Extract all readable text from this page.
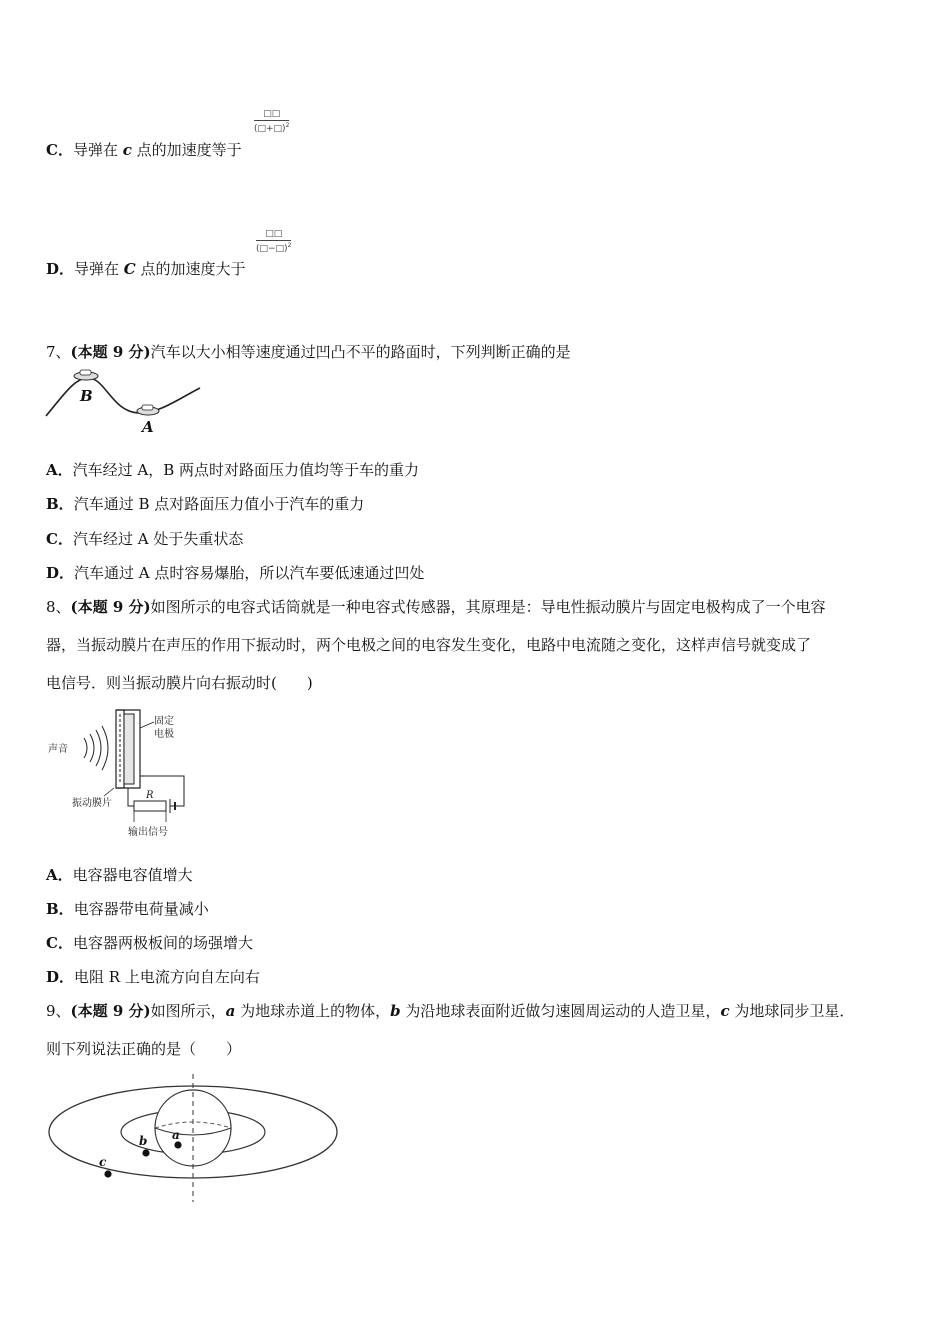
C．导弹在 c 点的加速度等于
□□
(□+□)$^2$
D．导弹在 C 点的加速度大于
□□
(□−□)$^2$
7、(本题 9 分)汽车以大小相等速度通过凹凸不平的路面时，下列判断正确的是
B
A
A．汽车经过 A，B 两点时对路面压力值均等于车的重力
B．汽车通过 B 点对路面压力值小于汽车的重力
C．汽车经过 A 处于失重状态
D．汽车通过 A 点时容易爆胎，所以汽车要低速通过凹处
8、(本题 9 分)如图所示的电容式话筒就是一种电容式传感器，其原理是：导电性振动膜片与固定电极构成了一个电容
器，当振动膜片在声压的作用下振动时，两个电极之间的电容发生变化，电路中电流随之变化，这样声信号就变成了
电信号．则当振动膜片向右振动时(　　)
声音
固定
电极
R
振动膜片
输出信号
A．电容器电容值增大
B．电容器带电荷量减小
C．电容器两极板间的场强增大
D．电阻 R 上电流方向自左向右
9、(本题 9 分)如图所示，a 为地球赤道上的物体，b 为沿地球表面附近做匀速圆周运动的人造卫星，c 为地球同步卫星．
则下列说法正确的是（　　）
a
b
c
